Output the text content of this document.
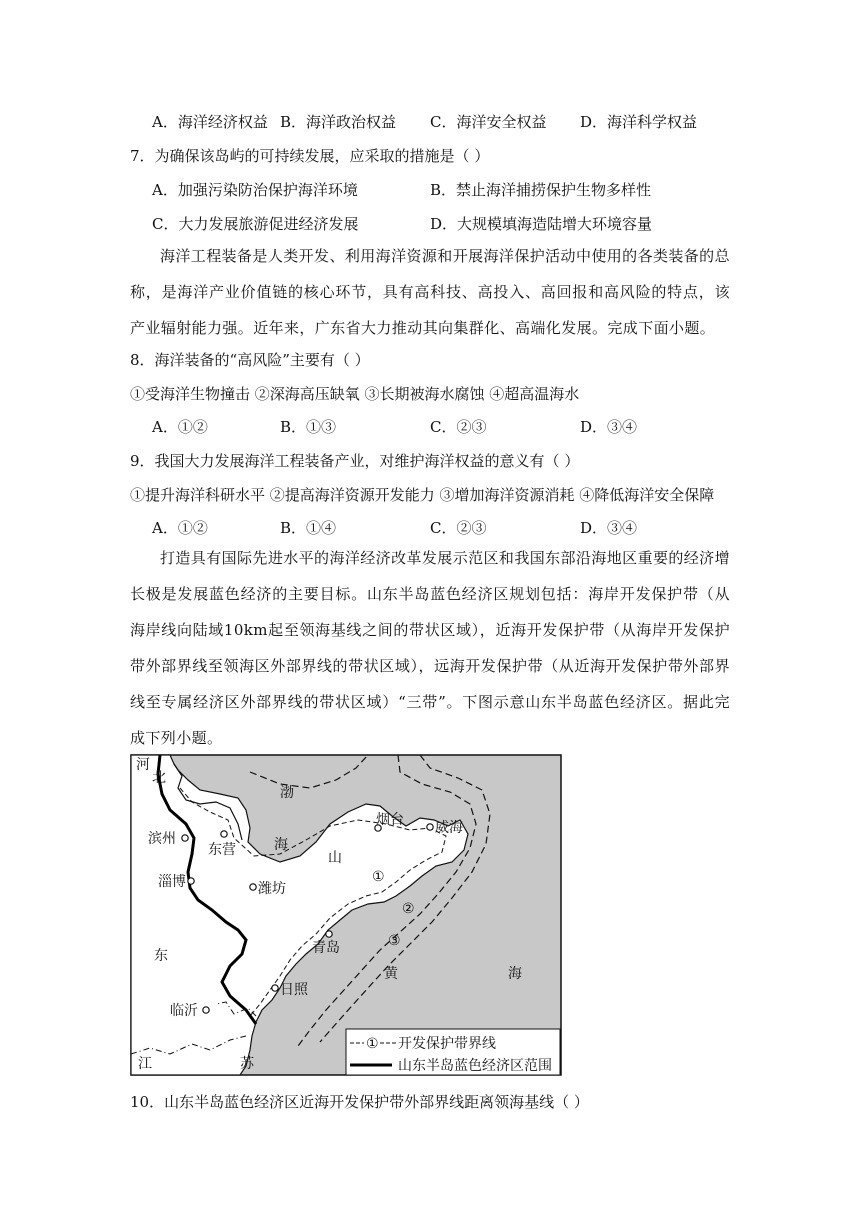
A．海洋经济权益 B．海洋政治权益 C．海洋安全权益 D．海洋科学权益
7．为确保该岛屿的可持续发展，应采取的措施是（ ）
A．加强污染防治保护海洋环境	B．禁止海洋捕捞保护生物多样性
C．大力发展旅游促进经济发展	D．大规模填海造陆增大环境容量
海洋工程装备是人类开发、利用海洋资源和开展海洋保护活动中使用的各类装备的总称，是海洋产业价值链的核心环节，具有高科技、高投入、高回报和高风险的特点，该产业辐射能力强。近年来，广东省大力推动其向集群化、高端化发展。完成下面小题。
8．海洋装备的“高风险”主要有（ ）
①受海洋生物撞击 ②深海高压缺氧 ③长期被海水腐蚀 ④超高温海水
A．①②	B．①③	C．②③	D．③④
9．我国大力发展海洋工程装备产业，对维护海洋权益的意义有（ ）
①提升海洋科研水平 ②提高海洋资源开发能力 ③增加海洋资源消耗 ④降低海洋安全保障
A．①②	B．①④	C．②③	D．③④
打造具有国际先进水平的海洋经济改革发展示范区和我国东部沿海地区重要的经济增长极是发展蓝色经济的主要目标。山东半岛蓝色经济区规划包括：海岸开发保护带（从海岸线向陆域10km起至领海基线之间的带状区域），近海开发保护带（从海岸开发保护带外部界线至领海区外部界线的带状区域），远海开发保护带（从近海开发保护带外部界线至专属经济区外部界线的带状区域）“三带”。下图示意山东半岛蓝色经济区。据此完成下列小题。
河
北
渤
海
山
东
黄	海
江	苏
烟台 威海
滨州
东营
淄博	潍坊
青岛
日照
临沂
①
②
③
① 开发保护带界线
山东半岛蓝色经济区范围
10．山东半岛蓝色经济区近海开发保护带外部界线距离领海基线（ ）
